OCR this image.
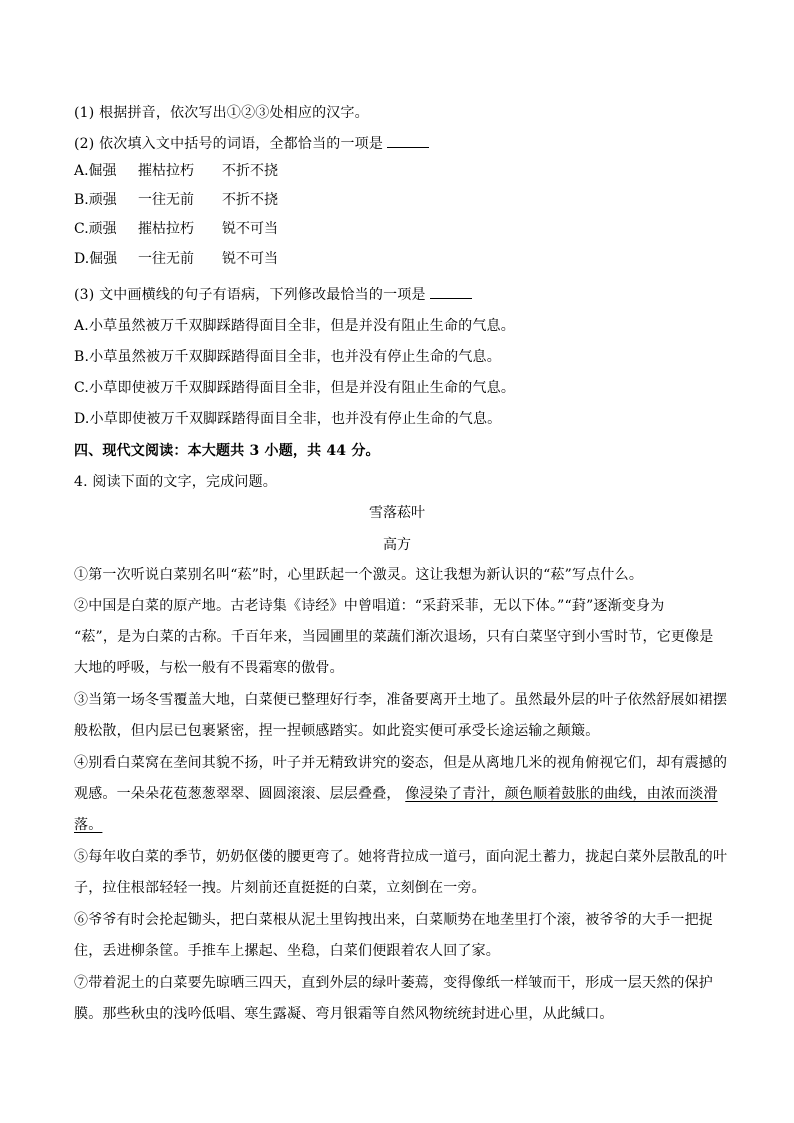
(1) 根据拼音，依次写出①②③处相应的汉字。
(2) 依次填入文中括号的词语，全都恰当的一项是
A.倔强 摧枯拉朽 不折不挠
B.顽强 一往无前 不折不挠
C.顽强 摧枯拉朽 锐不可当
D.倔强 一往无前 锐不可当
(3) 文中画横线的句子有语病，下列修改最恰当的一项是
A.小草虽然被万千双脚踩踏得面目全非，但是并没有阻止生命的气息。
B.小草虽然被万千双脚踩踏得面目全非，也并没有停止生命的气息。
C.小草即使被万千双脚踩踏得面目全非，但是并没有阻止生命的气息。
D.小草即使被万千双脚踩踏得面目全非，也并没有停止生命的气息。
四、现代文阅读：本大题共 3 小题，共 44 分。
4. 阅读下面的文字，完成问题。
雪落菘叶
高方
①第一次听说白菜别名叫“菘”时，心里跃起一个激灵。这让我想为新认识的“菘”写点什么。
②中国是白菜的原产地。古老诗集《诗经》中曾唱道：“采葑采菲，无以下体。”“葑”逐渐变身为
“菘”，是为白菜的古称。千百年来，当园圃里的菜蔬们渐次退场，只有白菜坚守到小雪时节，它更像是
大地的呼吸，与松一般有不畏霜寒的傲骨。
③当第一场冬雪覆盖大地，白菜便已整理好行李，准备要离开土地了。虽然最外层的叶子依然舒展如裙摆
般松散，但内层已包裹紧密，捏一捏顿感踏实。如此瓷实便可承受长途运输之颠簸。
④别看白菜窝在垄间其貌不扬，叶子并无精致讲究的姿态，但是从离地几米的视角俯视它们，却有震撼的
观感。一朵朵花苞葱葱翠翠、圆圆滚滚、层层叠叠， 像浸染了青汁，颜色顺着鼓胀的曲线，由浓而淡滑
落。
⑤每年收白菜的季节，奶奶伛偻的腰更弯了。她将背拉成一道弓，面向泥土蓄力，拢起白菜外层散乱的叶
子，拉住根部轻轻一拽。片刻前还直挺挺的白菜，立刻倒在一旁。
⑥爷爷有时会抡起锄头，把白菜根从泥土里钩拽出来，白菜顺势在地垄里打个滚，被爷爷的大手一把捉
住，丢进柳条筐。手推车上摞起、坐稳，白菜们便跟着农人回了家。
⑦带着泥土的白菜要先晾晒三四天，直到外层的绿叶萎蔫，变得像纸一样皱而干，形成一层天然的保护
膜。那些秋虫的浅吟低唱、寒生露凝、弯月银霜等自然风物统统封进心里，从此缄口。
